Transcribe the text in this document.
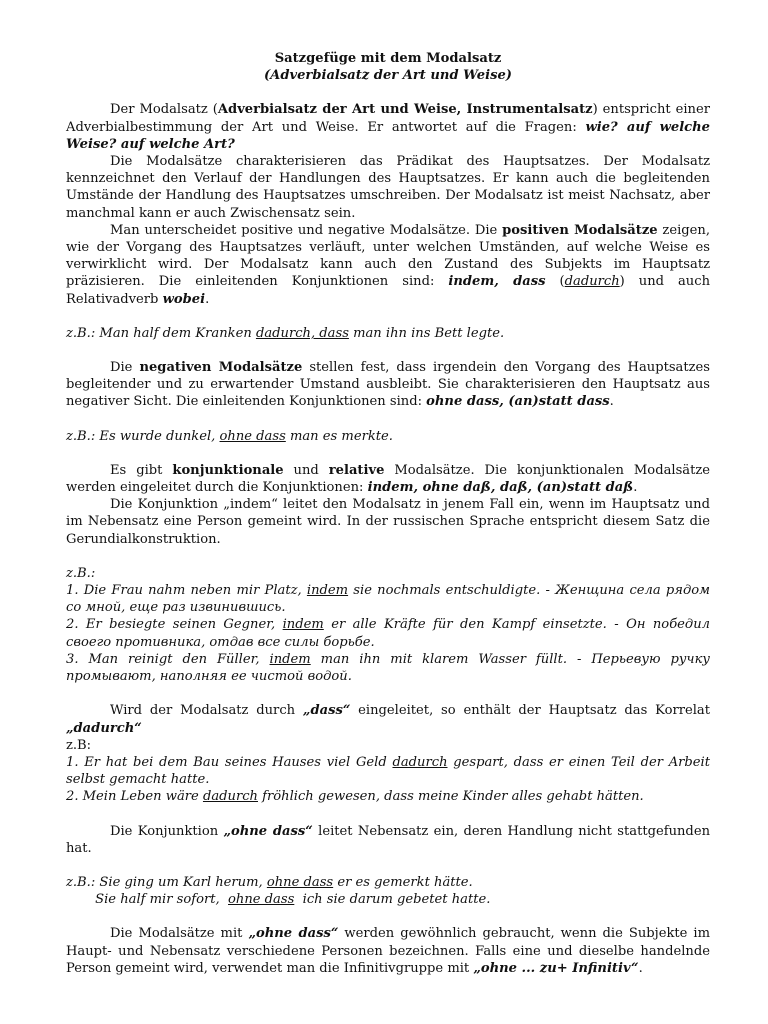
Satzgefüge mit dem Modalsatz
(Adverbialsatz der Art und Weise)

Der Modalsatz (Adverbialsatz der Art und Weise, Instrumentalsatz) entspricht einer Adverbialbestimmung der Art und Weise. Er antwortet auf die Fragen: wie? auf welche Weise? auf welche Art?

Die Modalsätze charakterisieren das Prädikat des Hauptsatzes. Der Modalsatz kennzeichnet den Verlauf der Handlungen des Hauptsatzes. Er kann auch die begleitenden Umstände der Handlung des Hauptsatzes umschreiben. Der Modalsatz ist meist Nachsatz, aber manchmal kann er auch Zwischensatz sein.

Man unterscheidet positive und negative Modalsätze. Die positiven Modalsätze zeigen, wie der Vorgang des Hauptsatzes verläuft, unter welchen Umständen, auf welche Weise es verwirklicht wird. Der Modalsatz kann auch den Zustand des Subjekts im Hauptsatz präzisieren. Die einleitenden Konjunktionen sind: indem, dass (dadurch) und auch Relativadverb wobei.

z.B.: Man half dem Kranken dadurch, dass man ihn ins Bett legte.

Die negativen Modalsätze stellen fest, dass irgendein den Vorgang des Hauptsatzes begleitender und zu erwartender Umstand ausbleibt. Sie charakterisieren den Hauptsatz aus negativer Sicht. Die einleitenden Konjunktionen sind: ohne dass, (an)statt dass.

z.B.: Es wurde dunkel, ohne dass man es merkte.

Es gibt konjunktionale und relative Modalsätze. Die konjunktionalen Modalsätze werden eingeleitet durch die Konjunktionen: indem, ohne daß, daß, (an)statt daß.

Die Konjunktion „indem“ leitet den Modalsatz in jenem Fall ein, wenn im Hauptsatz und im Nebensatz eine Person gemeint wird. In der russischen Sprache entspricht diesem Satz die Gerundialkonstruktion.

z.B.:

1. Die Frau nahm neben mir Platz, indem sie nochmals entschuldigte. - Женщина села рядом со мной, еще раз извинившись.

2. Er besiegte seinen Gegner, indem er alle Kräfte für den Kampf einsetzte. - Он победил своего противника, отдав все силы борьбе.

3. Man reinigt den Füller, indem man ihn mit klarem Wasser füllt. - Перьевую ручку промывают, наполняя ее чистой водой.

Wird der Modalsatz durch „dass“ eingeleitet, so enthält der Hauptsatz das Korrelat „dadurch“

z.B:

1. Er hat bei dem Bau seines Hauses viel Geld dadurch gespart, dass er einen Teil der Arbeit selbst gemacht hatte.

2. Mein Leben wäre dadurch fröhlich gewesen, dass meine Kinder alles gehabt hätten.

Die Konjunktion „ohne dass“ leitet Nebensatz ein, deren Handlung nicht stattgefunden hat.

z.B.: Sie ging um Karl herum, ohne dass er es gemerkt hätte.

Sie half mir sofort,  ohne dass  ich sie darum gebetet hatte.

Die Modalsätze mit „ohne dass“ werden gewöhnlich gebraucht, wenn die Subjekte im Haupt- und Nebensatz verschiedene Personen bezeichnen. Falls eine und dieselbe handelnde Person gemeint wird, verwendet man die Infinitivgruppe mit „ohne ... zu+ Infinitiv“.
